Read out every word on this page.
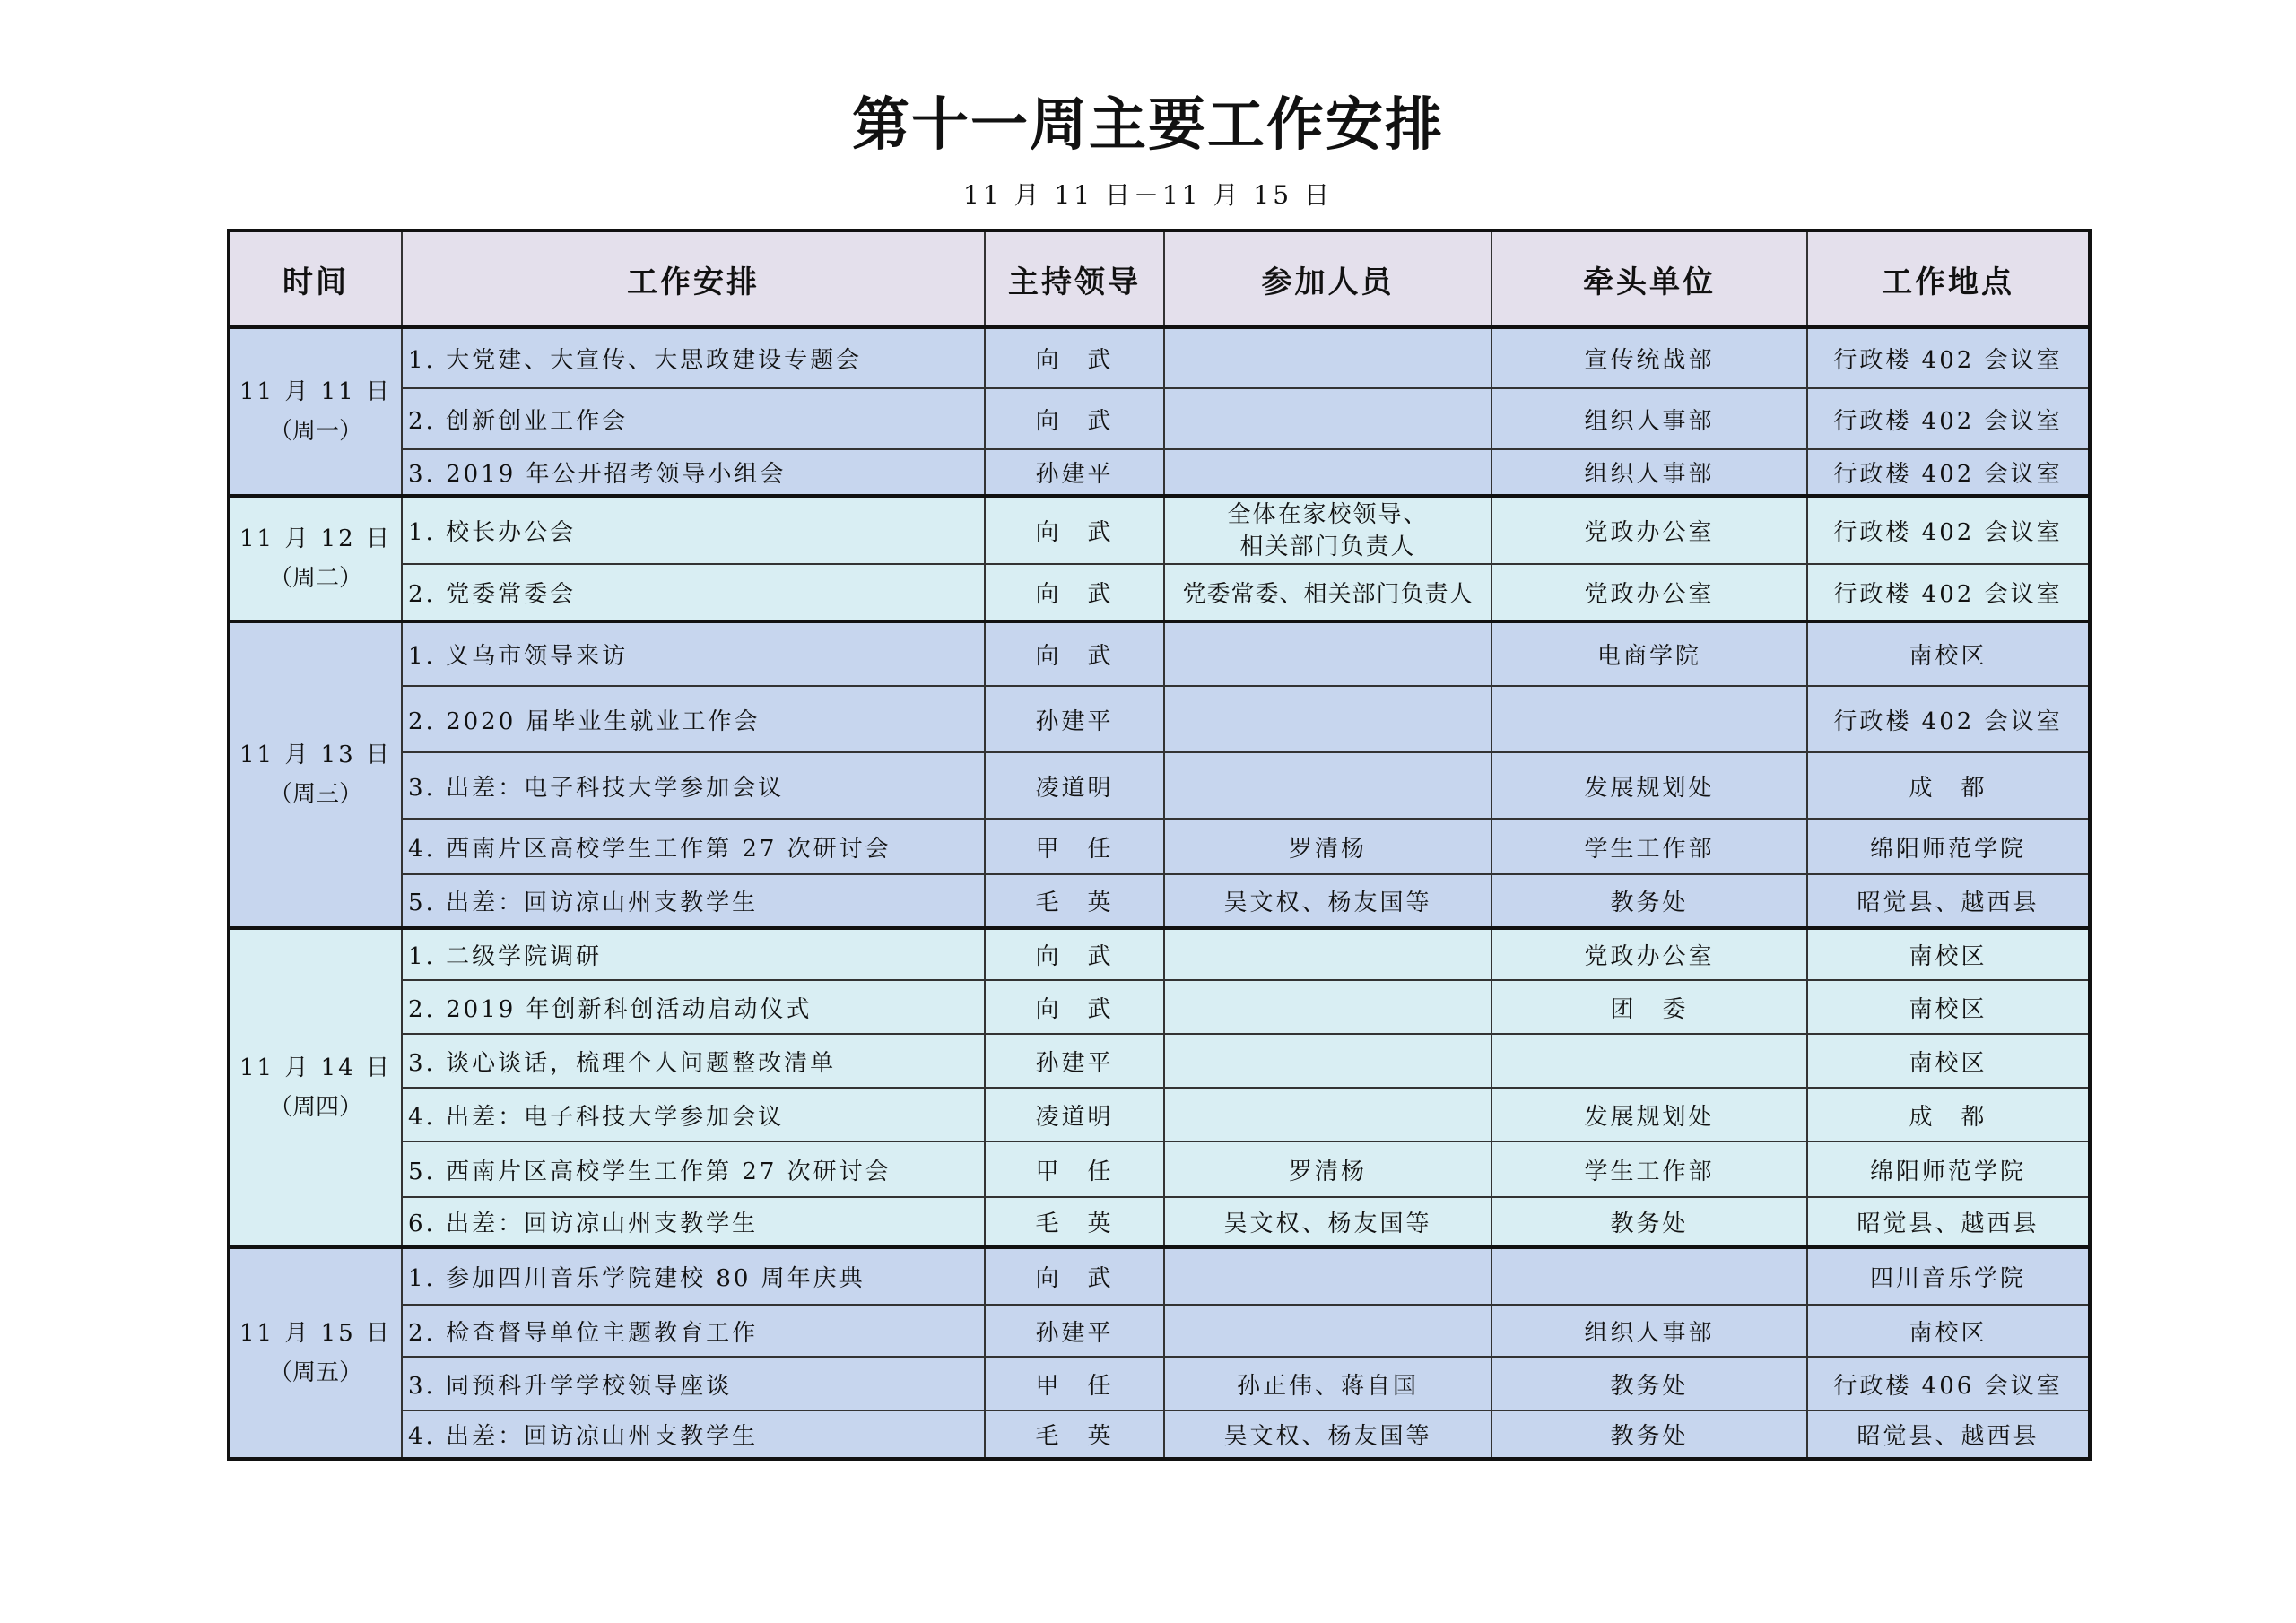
第十一周主要工作安排
11 月 11 日－11 月 15 日
时间	工作安排	主持领导	参加人员	牵头单位	工作地点
11 月 11 日
（周一）	1. 大党建、大宣传、大思政建设专题会	向　武		宣传统战部	行政楼 402 会议室
	2. 创新创业工作会	向　武		组织人事部	行政楼 402 会议室
	3. 2019 年公开招考领导小组会	孙建平		组织人事部	行政楼 402 会议室
11 月 12 日
（周二）	1. 校长办公会	向　武	全体在家校领导、
相关部门负责人	党政办公室	行政楼 402 会议室
	2. 党委常委会	向　武	党委常委、相关部门负责人	党政办公室	行政楼 402 会议室
11 月 13 日
（周三）	1. 义乌市领导来访	向　武		电商学院	南校区
	2. 2020 届毕业生就业工作会	孙建平			行政楼 402 会议室
	3. 出差：电子科技大学参加会议	凌道明		发展规划处	成　都
	4. 西南片区高校学生工作第 27 次研讨会	甲　任	罗清杨	学生工作部	绵阳师范学院
	5. 出差：回访凉山州支教学生	毛　英	吴文权、杨友国等	教务处	昭觉县、越西县
11 月 14 日
（周四）	1. 二级学院调研	向　武		党政办公室	南校区
	2. 2019 年创新科创活动启动仪式	向　武		团　委	南校区
	3. 谈心谈话，梳理个人问题整改清单	孙建平			南校区
	4. 出差：电子科技大学参加会议	凌道明		发展规划处	成　都
	5. 西南片区高校学生工作第 27 次研讨会	甲　任	罗清杨	学生工作部	绵阳师范学院
	6. 出差：回访凉山州支教学生	毛　英	吴文权、杨友国等	教务处	昭觉县、越西县
11 月 15 日
（周五）	1. 参加四川音乐学院建校 80 周年庆典	向　武			四川音乐学院
	2. 检查督导单位主题教育工作	孙建平		组织人事部	南校区
	3. 同预科升学学校领导座谈	甲　任	孙正伟、蒋自国	教务处	行政楼 406 会议室
	4. 出差：回访凉山州支教学生	毛　英	吴文权、杨友国等	教务处	昭觉县、越西县
